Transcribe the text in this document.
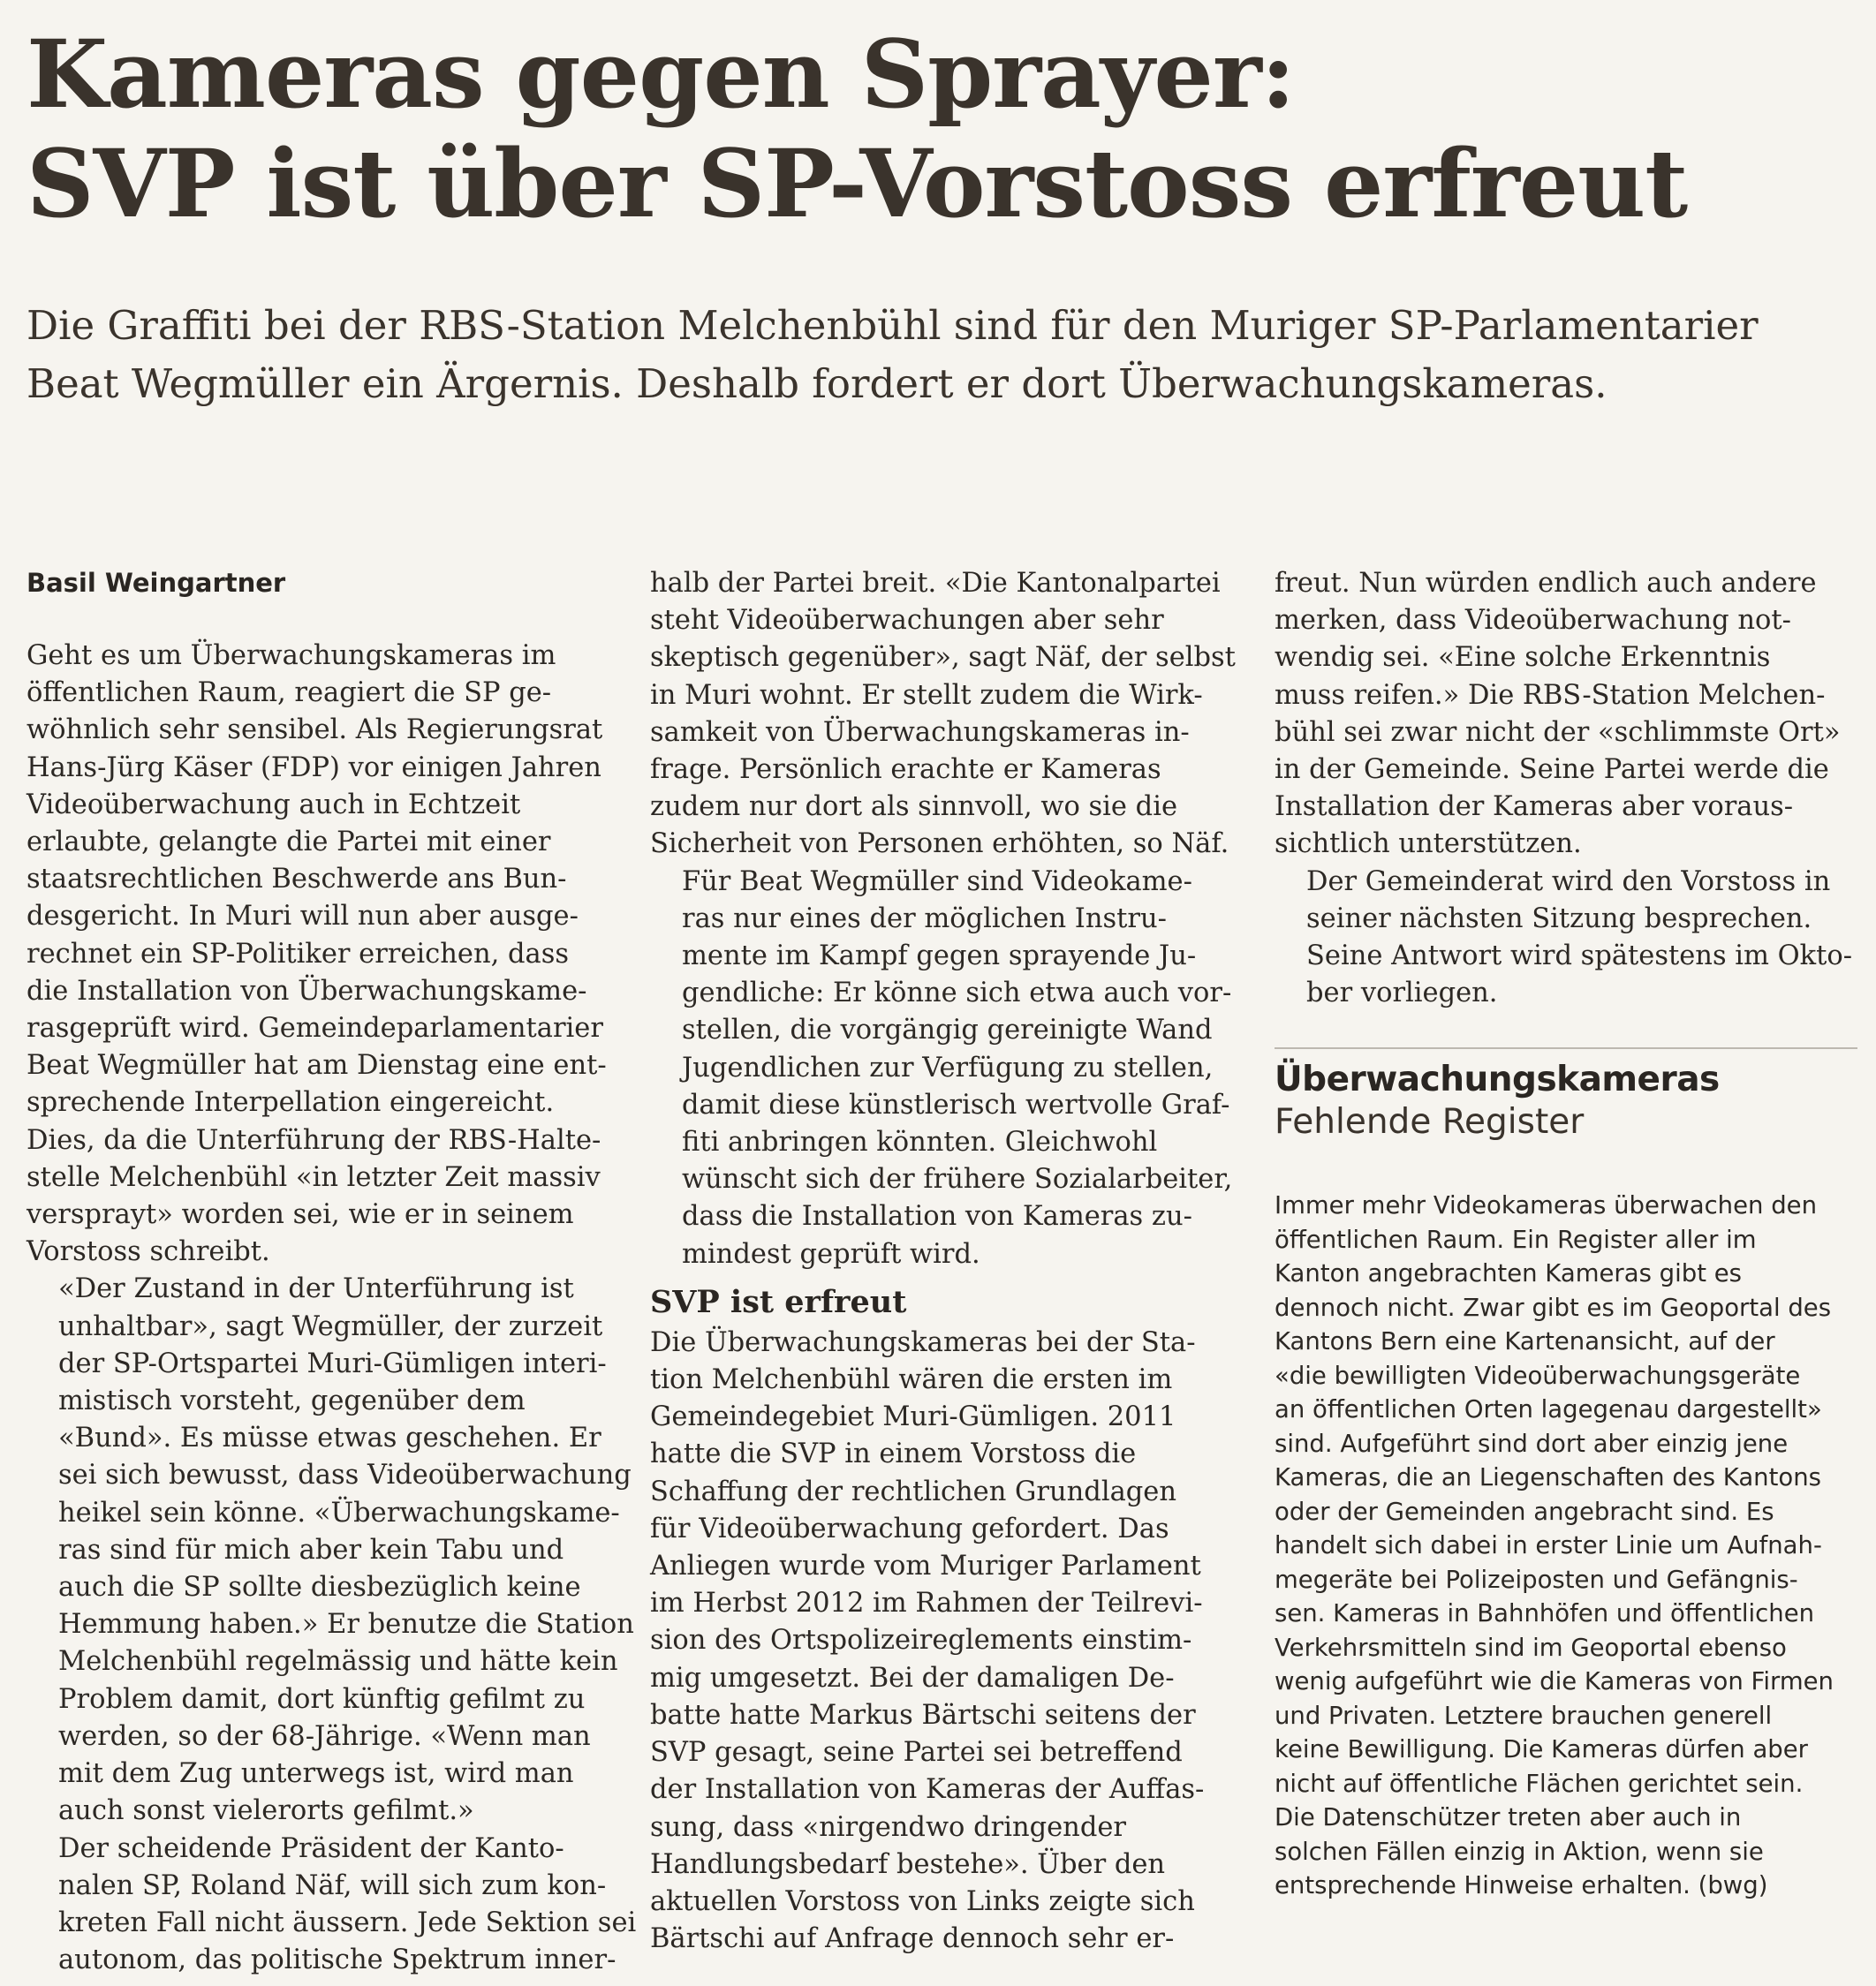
Kameras gegen Sprayer:
SVP ist über SP-Vorstoss erfreut

Die Graffiti bei der RBS-Station Melchenbühl sind für den Muriger SP-Parlamentarier
Beat Wegmüller ein Ärgernis. Deshalb fordert er dort Überwachungskameras.

Basil Weingartner

Geht es um Überwachungskameras im
öffentlichen Raum, reagiert die SP ge-
wöhnlich sehr sensibel. Als Regierungsrat
Hans-Jürg Käser (FDP) vor einigen Jahren
Videoüberwachung auch in Echtzeit
erlaubte, gelangte die Partei mit einer
staatsrechtlichen Beschwerde ans Bun-
desgericht. In Muri will nun aber ausge-
rechnet ein SP-Politiker erreichen, dass
die Installation von Überwachungskame-
rasgeprüft wird. Gemeindeparlamentarier
Beat Wegmüller hat am Dienstag eine ent-
sprechende Interpellation eingereicht.
Dies, da die Unterführung der RBS-Halte-
stelle Melchenbühl «in letzter Zeit massiv
versprayt» worden sei, wie er in seinem
Vorstoss schreibt.

«Der Zustand in der Unterführung ist
unhaltbar», sagt Wegmüller, der zurzeit
der SP-Ortspartei Muri-Gümligen interi-
mistisch vorsteht, gegenüber dem
«Bund». Es müsse etwas geschehen. Er
sei sich bewusst, dass Videoüberwachung
heikel sein könne. «Überwachungskame-
ras sind für mich aber kein Tabu und
auch die SP sollte diesbezüglich keine
Hemmung haben.» Er benutze die Station
Melchenbühl regelmässig und hätte kein
Problem damit, dort künftig gefilmt zu
werden, so der 68-Jährige. «Wenn man
mit dem Zug unterwegs ist, wird man
auch sonst vielerorts gefilmt.»

Der scheidende Präsident der Kanto-
nalen SP, Roland Näf, will sich zum kon-
kreten Fall nicht äussern. Jede Sektion sei
autonom, das politische Spektrum inner-

halb der Partei breit. «Die Kantonalpartei
steht Videoüberwachungen aber sehr
skeptisch gegenüber», sagt Näf, der selbst
in Muri wohnt. Er stellt zudem die Wirk-
samkeit von Überwachungskameras in-
frage. Persönlich erachte er Kameras
zudem nur dort als sinnvoll, wo sie die
Sicherheit von Personen erhöhten, so Näf.

Für Beat Wegmüller sind Videokame-
ras nur eines der möglichen Instru-
mente im Kampf gegen sprayende Ju-
gendliche: Er könne sich etwa auch vor-
stellen, die vorgängig gereinigte Wand
Jugendlichen zur Verfügung zu stellen,
damit diese künstlerisch wertvolle Graf-
fiti anbringen könnten. Gleichwohl
wünscht sich der frühere Sozialarbeiter,
dass die Installation von Kameras zu-
mindest geprüft wird.

SVP ist erfreut

Die Überwachungskameras bei der Sta-
tion Melchenbühl wären die ersten im
Gemeindegebiet Muri-Gümligen. 2011
hatte die SVP in einem Vorstoss die
Schaffung der rechtlichen Grundlagen
für Videoüberwachung gefordert. Das
Anliegen wurde vom Muriger Parlament
im Herbst 2012 im Rahmen der Teilrevi-
sion des Ortspolizeireglements einstim-
mig umgesetzt. Bei der damaligen De-
batte hatte Markus Bärtschi seitens der
SVP gesagt, seine Partei sei betreffend
der Installation von Kameras der Auffas-
sung, dass «nirgendwo dringender
Handlungsbedarf bestehe». Über den
aktuellen Vorstoss von Links zeigte sich
Bärtschi auf Anfrage dennoch sehr er-

freut. Nun würden endlich auch andere
merken, dass Videoüberwachung not-
wendig sei. «Eine solche Erkenntnis
muss reifen.» Die RBS-Station Melchen-
bühl sei zwar nicht der «schlimmste Ort»
in der Gemeinde. Seine Partei werde die
Installation der Kameras aber voraus-
sichtlich unterstützen.

Der Gemeinderat wird den Vorstoss in
seiner nächsten Sitzung besprechen.
Seine Antwort wird spätestens im Okto-
ber vorliegen.

Überwachungskameras
Fehlende Register

Immer mehr Videokameras überwachen den
öffentlichen Raum. Ein Register aller im
Kanton angebrachten Kameras gibt es
dennoch nicht. Zwar gibt es im Geoportal des
Kantons Bern eine Kartenansicht, auf der
«die bewilligten Videoüberwachungsgeräte
an öffentlichen Orten lagegenau dargestellt»
sind. Aufgeführt sind dort aber einzig jene
Kameras, die an Liegenschaften des Kantons
oder der Gemeinden angebracht sind. Es
handelt sich dabei in erster Linie um Aufnah-
megeräte bei Polizeiposten und Gefängnis-
sen. Kameras in Bahnhöfen und öffentlichen
Verkehrsmitteln sind im Geoportal ebenso
wenig aufgeführt wie die Kameras von Firmen
und Privaten. Letztere brauchen generell
keine Bewilligung. Die Kameras dürfen aber
nicht auf öffentliche Flächen gerichtet sein.
Die Datenschützer treten aber auch in
solchen Fällen einzig in Aktion, wenn sie
entsprechende Hinweise erhalten. (bwg)
